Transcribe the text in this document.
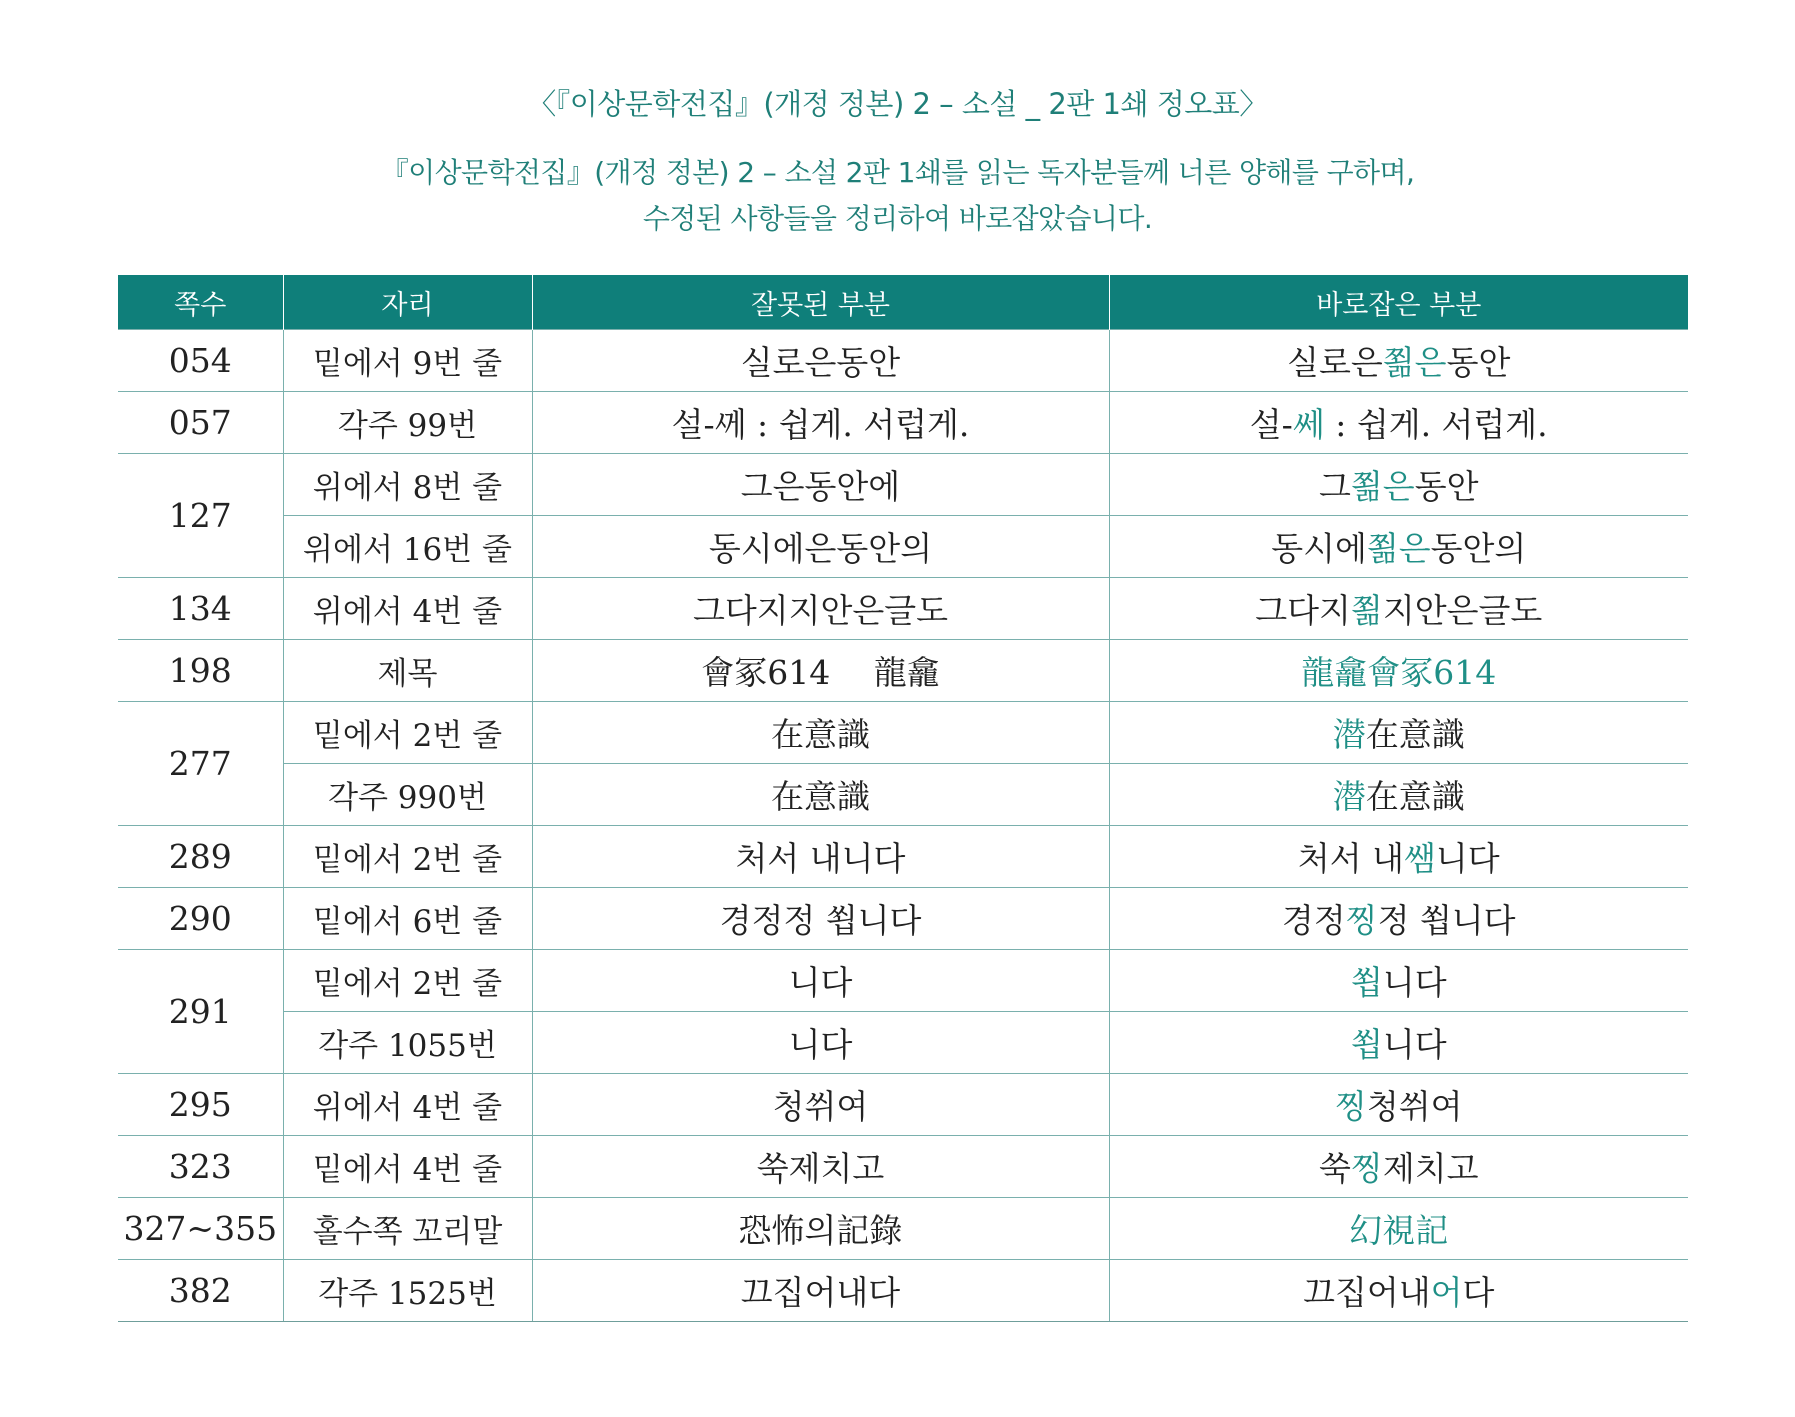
〈『이상문학전집』(개정 정본) 2 – 소설 _ 2판 1쇄 정오표〉
『이상문학전집』(개정 정본) 2 – 소설 2판 1쇄를 읽는 독자분들께 너른 양해를 구하며,
수정된 사항들을 정리하여 바로잡았습니다.
쪽수	자리	잘못된 부분	바로잡은 부분
054	밑에서 9번 줄	실로은동안	실로은쬚은동안
057	각주 99번	설-ᄭᅦ : 쉽게. 서럽게.	설-쎄 : 쉽게. 서럽게.
127	위에서 8번 줄	그은동안에	그쬚은동안
	위에서 16번 줄	동시에은동안의	동시에쬚은동안의
134	위에서 4번 줄	그다지지안은글도	그다지쬚지안은글도
198	제목	會冢614 　龍龕	龍龕會冢614
277	밑에서 2번 줄	在意識	潜在意識
	각주 990번	在意識	潜在意識
289	밑에서 2번 줄	처서 내니다	처서 내쌤니다
290	밑에서 6번 줄	경정정 쐽니다	경정찡정 쐽니다
291	밑에서 2번 줄	니다	쐽니다
	각주 1055번	니다	쐽니다
295	위에서 4번 줄	청쒸여	찡청쒸여
323	밑에서 4번 줄	쑥제치고	쑥찡제치고
327~355	홀수쪽 꼬리말	恐怖의記錄	幻視記
382	각주 1525번	끄집어내다	끄집어내어다
